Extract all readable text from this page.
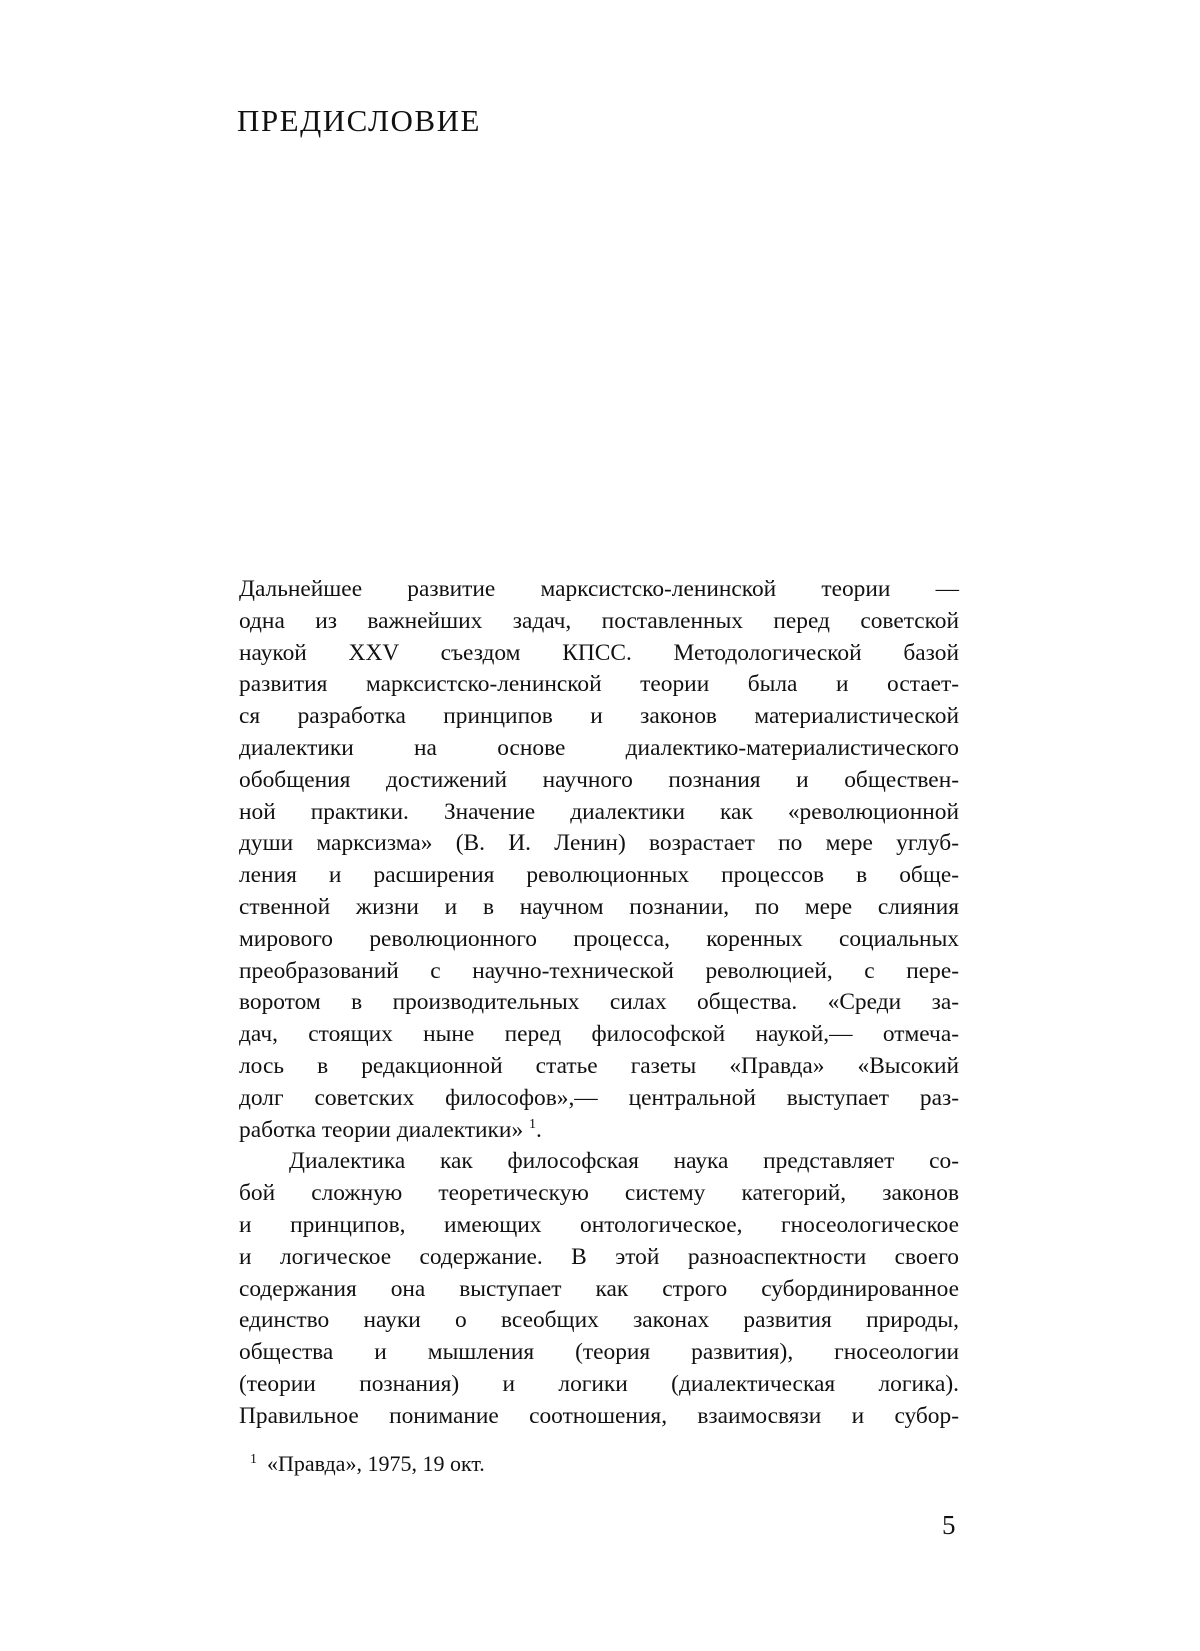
ПРЕДИСЛОВИЕ
Дальнейшее развитие марксистско-ленинской теории —
одна из важнейших задач, поставленных перед советской
наукой XXV съездом КПСС. Методологической базой
развития марксистско-ленинской теории была и остает-
ся разработка принципов и законов материалистической
диалектики на основе диалектико-материалистического
обобщения достижений научного познания и обществен-
ной практики. Значение диалектики как «революционной
души марксизма» (В. И. Ленин) возрастает по мере углуб-
ления и расширения революционных процессов в обще-
ственной жизни и в научном познании, по мере слияния
мирового революционного процесса, коренных социальных
преобразований с научно-технической революцией, с пере-
воротом в производительных силах общества. «Среди за-
дач, стоящих ныне перед философской наукой,— отмеча-
лось в редакционной статье газеты «Правда» «Высокий
долг советских философов»,— центральной выступает раз-
работка теории диалектики» $^1$.
Диалектика как философская наука представляет со-
бой сложную теоретическую систему категорий, законов
и принципов, имеющих онтологическое, гносеологическое
и логическое содержание. В этой разноаспектности своего
содержания она выступает как строго субординированное
единство науки о всеобщих законах развития природы,
общества и мышления (теория развития), гносеологии
(теории познания) и логики (диалектическая логика).
Правильное понимание соотношения, взаимосвязи и субор-
$^1$ «Правда», 1975, 19 окт.
5
